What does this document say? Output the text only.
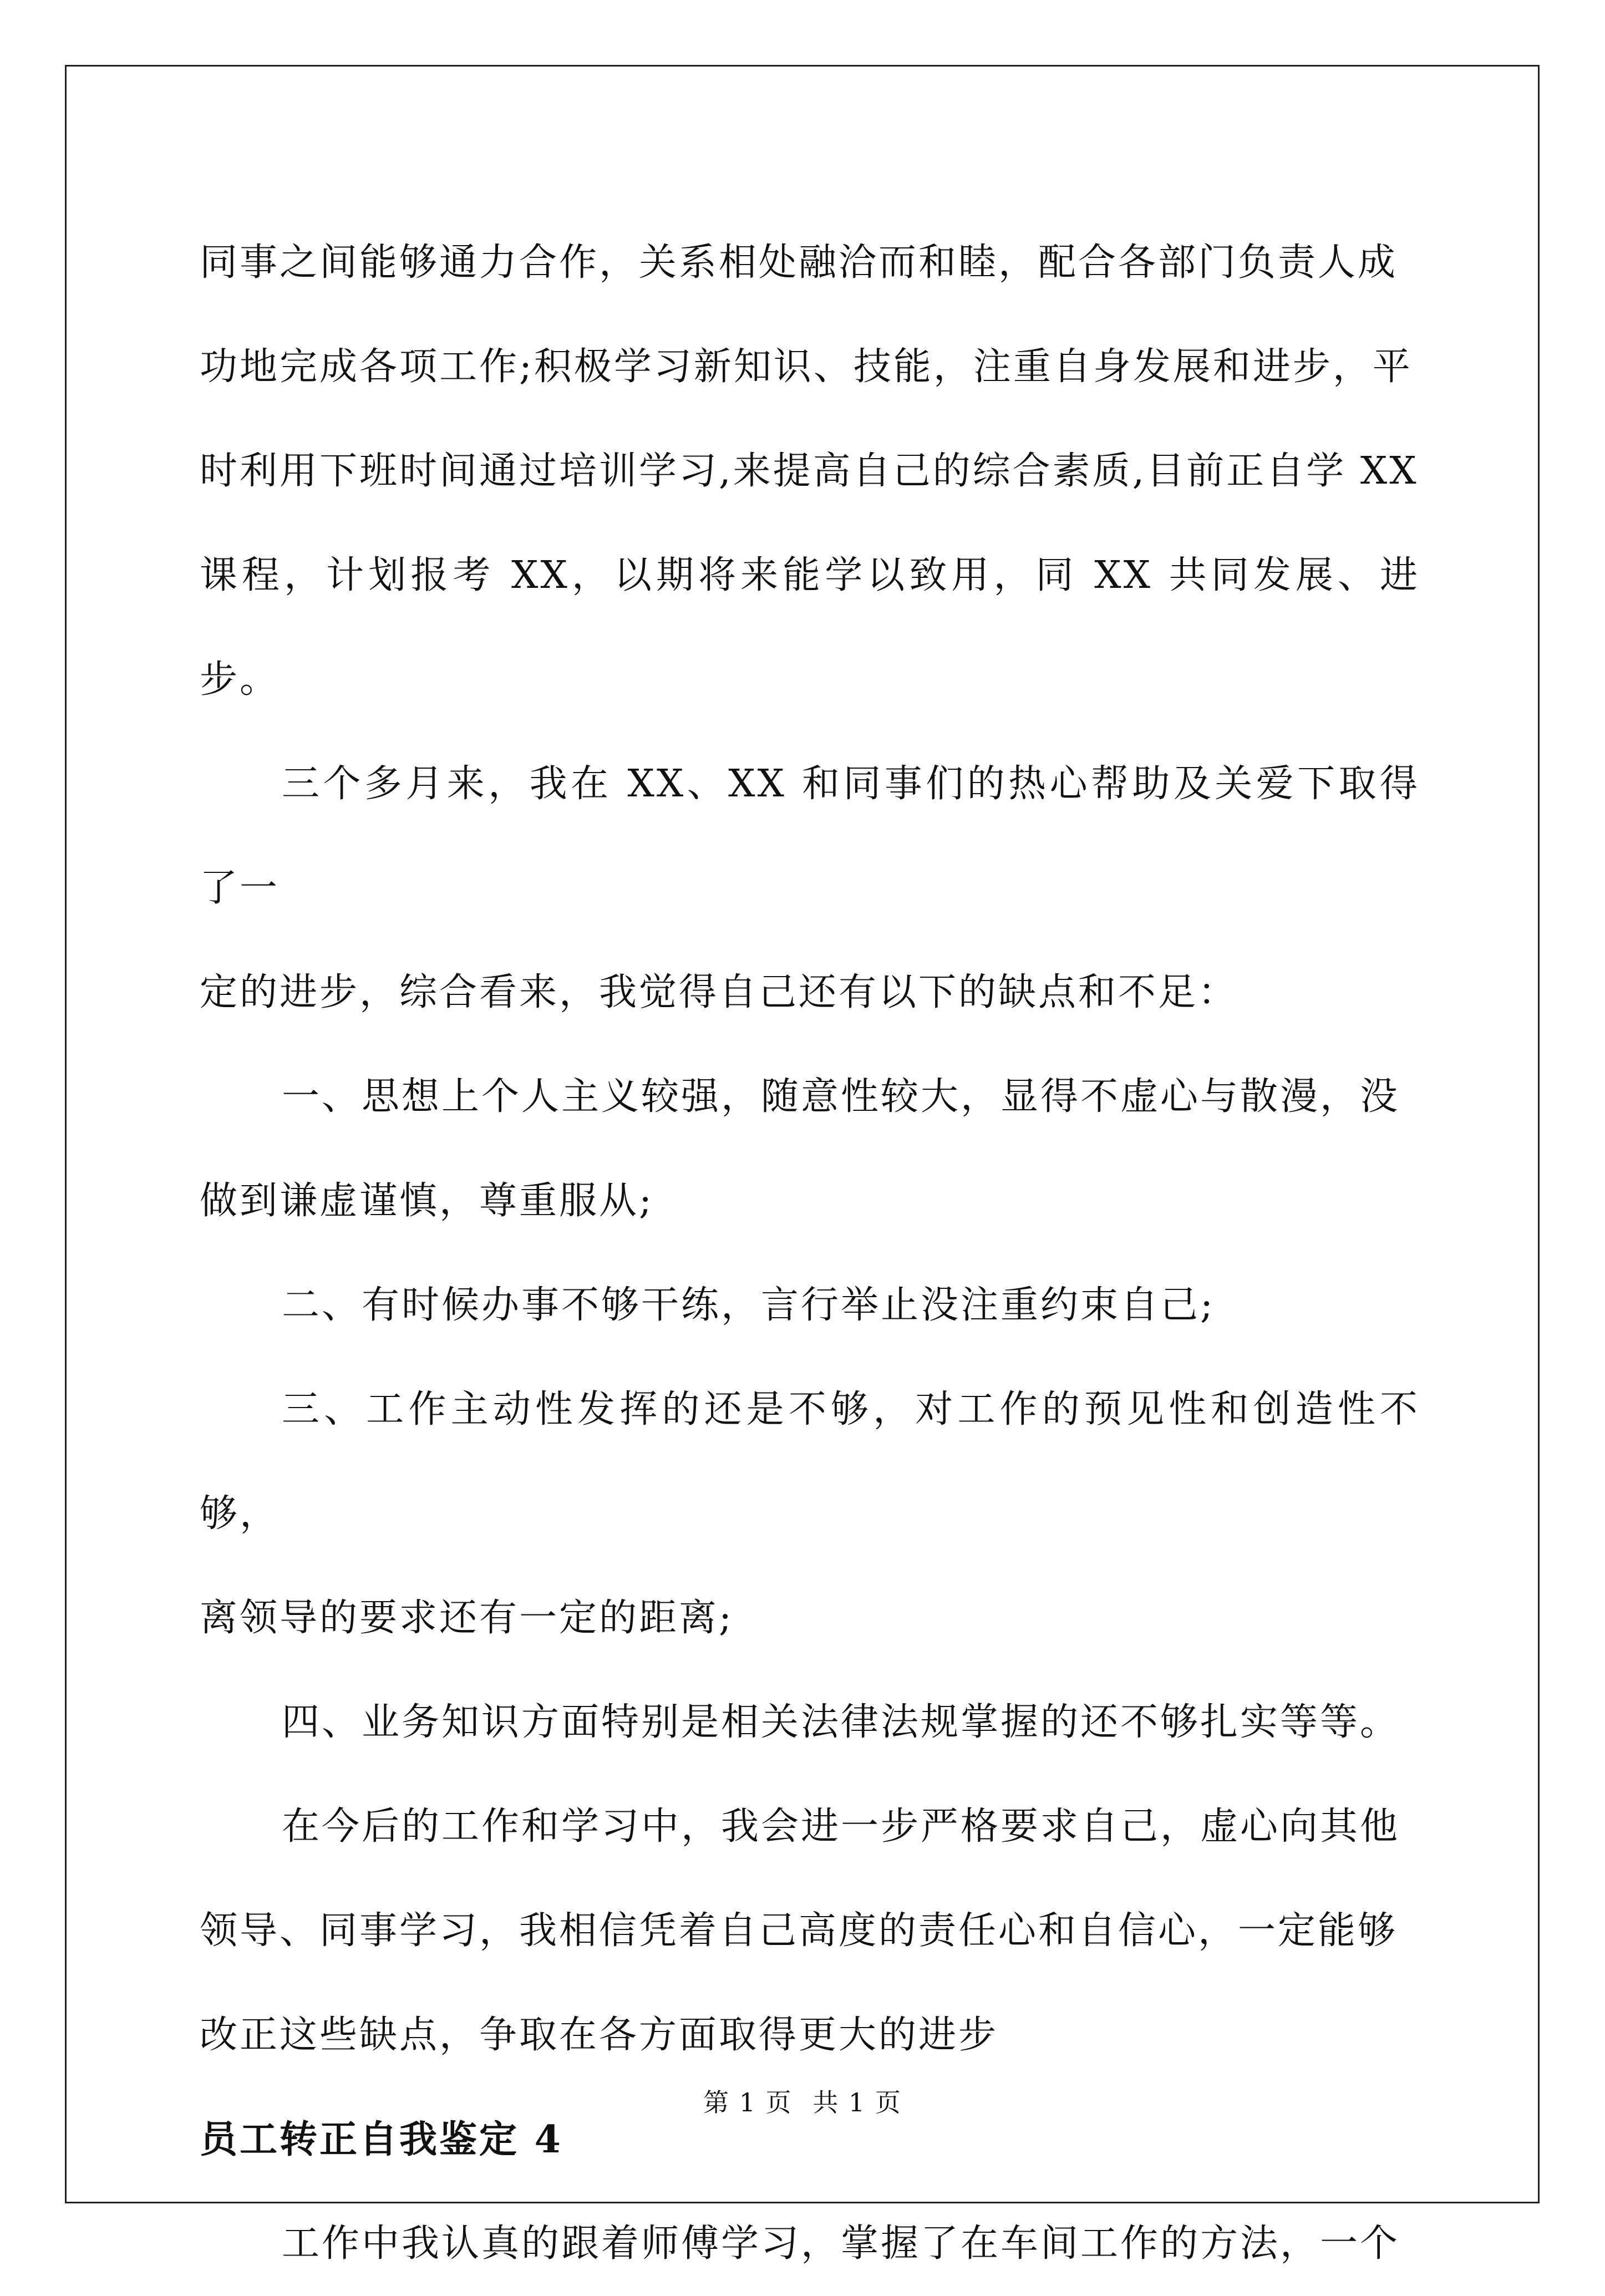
同事之间能够通力合作，关系相处融洽而和睦，配合各部门负责人成

功地完成各项工作;积极学习新知识、技能，注重自身发展和进步，平

时利用下班时间通过培训学习,来提高自己的综合素质,目前正自学 XX

课程，计划报考 XX，以期将来能学以致用，同 XX 共同发展、进步。

三个多月来，我在 XX、XX 和同事们的热心帮助及关爱下取得了一

定的进步，综合看来，我觉得自己还有以下的缺点和不足：

一、思想上个人主义较强，随意性较大，显得不虚心与散漫，没

做到谦虚谨慎，尊重服从;

二、有时候办事不够干练，言行举止没注重约束自己;

三、工作主动性发挥的还是不够，对工作的预见性和创造性不够，

离领导的要求还有一定的距离;

四、业务知识方面特别是相关法律法规掌握的还不够扎实等等。

在今后的工作和学习中，我会进一步严格要求自己，虚心向其他

领导、同事学习，我相信凭着自己高度的责任心和自信心，一定能够

改正这些缺点，争取在各方面取得更大的进步

员工转正自我鉴定 4

工作中我认真的跟着师傅学习，掌握了在车间工作的方法，一个

第 1 页 共 1 页
